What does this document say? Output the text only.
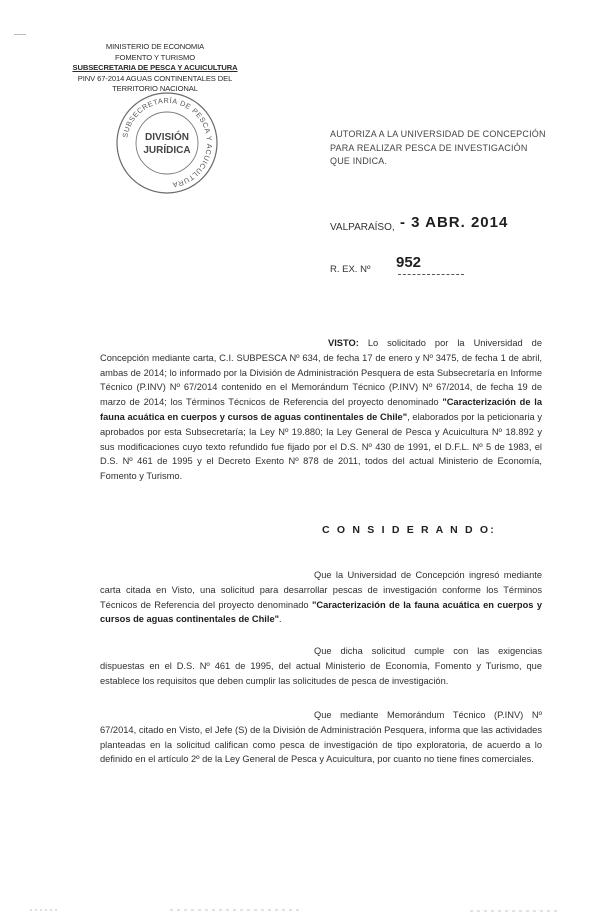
MINISTERIO DE ECONOMIA
FOMENTO Y TURISMO
SUBSECRETARIA DE PESCA Y ACUICULTURA
PINV 67-2014 AGUAS CONTINENTALES DEL
TERRITORIO NACIONAL
SUBSECRETARÍA DE PESCA Y ACUICULTURA
DIVISIÓN
JURÍDICA
AUTORIZA A LA UNIVERSIDAD DE CONCEPCIÓN PARA REALIZAR PESCA DE INVESTIGACIÓN QUE INDICA.
VALPARAÍSO, - 3 ABR. 2014
R. EX. Nº 952
VISTO: Lo solicitado por la Universidad de Concepción mediante carta, C.I. SUBPESCA Nº 634, de fecha 17 de enero y Nº 3475, de fecha 1 de abril, ambas de 2014; lo informado por la División de Administración Pesquera de esta Subsecretaría en Informe Técnico (P.INV) Nº 67/2014 contenido en el Memorándum Técnico (P.INV) Nº 67/2014, de fecha 19 de marzo de 2014; los Términos Técnicos de Referencia del proyecto denominado "Caracterización de la fauna acuática en cuerpos y cursos de aguas continentales de Chile", elaborados por la peticionaria y aprobados por esta Subsecretaría; la Ley Nº 19.880; la Ley General de Pesca y Acuicultura Nº 18.892 y sus modificaciones cuyo texto refundido fue fijado por el D.S. Nº 430 de 1991, el D.F.L. Nº 5 de 1983, el D.S. Nº 461 de 1995 y el Decreto Exento Nº 878 de 2011, todos del actual Ministerio de Economía, Fomento y Turismo.
C O N S I D E R A N D O:
Que la Universidad de Concepción ingresó mediante carta citada en Visto, una solicitud para desarrollar pescas de investigación conforme los Términos Técnicos de Referencia del proyecto denominado "Caracterización de la fauna acuática en cuerpos y cursos de aguas continentales de Chile".
Que dicha solicitud cumple con las exigencias dispuestas en el D.S. Nº 461 de 1995, del actual Ministerio de Economía, Fomento y Turismo, que establece los requisitos que deben cumplir las solicitudes de pesca de investigación.
Que mediante Memorándum Técnico (P.INV) Nº 67/2014, citado en Visto, el Jefe (S) de la División de Administración Pesquera, informa que las actividades planteadas en la solicitud califican como pesca de investigación de tipo exploratoria, de acuerdo a lo definido en el artículo 2º de la Ley General de Pesca y Acuicultura, por cuanto no tiene fines comerciales.
